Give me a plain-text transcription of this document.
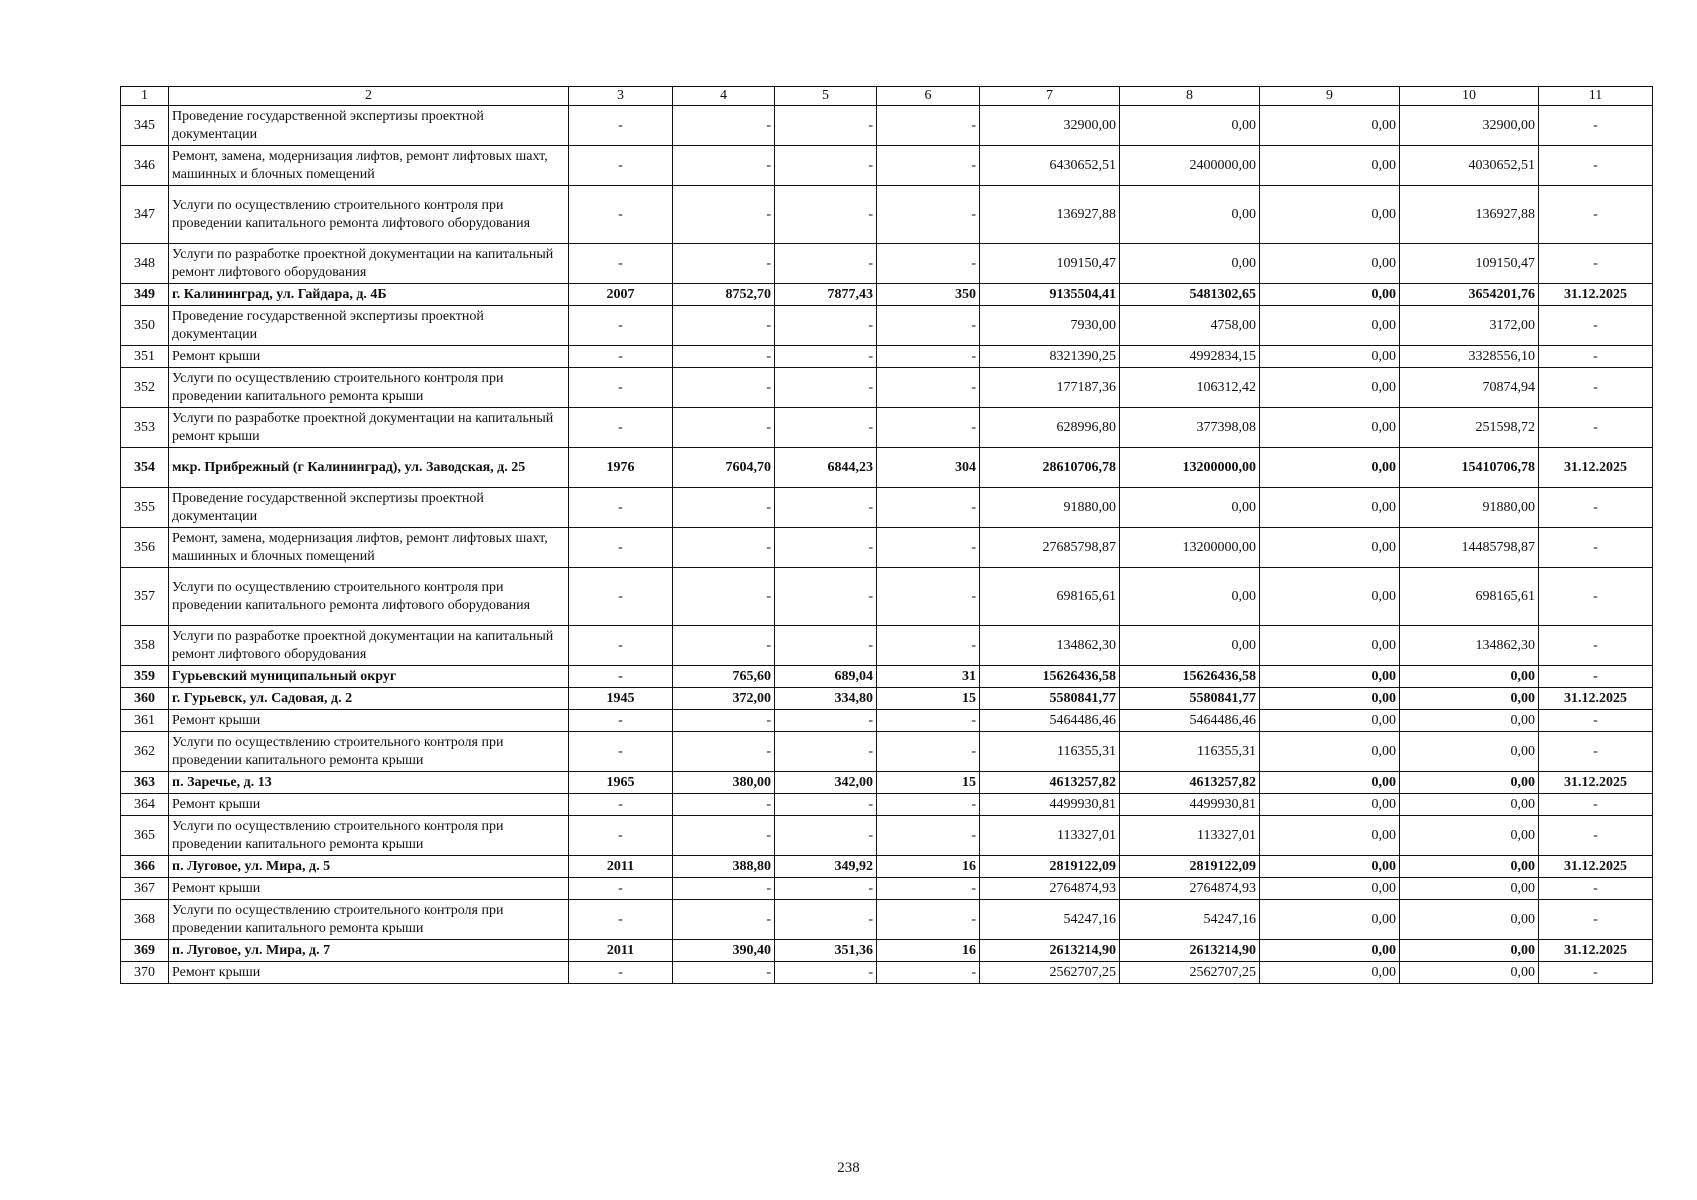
1	2	3	4	5	6	7	8	9	10	11
345	Проведение государственной экспертизы проектной документации	-	-	-	-	32900,00	0,00	0,00	32900,00	-
346	Ремонт, замена, модернизация лифтов, ремонт лифтовых шахт, машинных и блочных помещений	-	-	-	-	6430652,51	2400000,00	0,00	4030652,51	-
347	Услуги по осуществлению строительного контроля при проведении капитального ремонта лифтового оборудования	-	-	-	-	136927,88	0,00	0,00	136927,88	-
348	Услуги по разработке проектной документации на капитальный ремонт лифтового оборудования	-	-	-	-	109150,47	0,00	0,00	109150,47	-
349	г. Калининград, ул. Гайдара, д. 4Б	2007	8752,70	7877,43	350	9135504,41	5481302,65	0,00	3654201,76	31.12.2025
350	Проведение государственной экспертизы проектной документации	-	-	-	-	7930,00	4758,00	0,00	3172,00	-
351	Ремонт крыши	-	-	-	-	8321390,25	4992834,15	0,00	3328556,10	-
352	Услуги по осуществлению строительного контроля при проведении капитального ремонта крыши	-	-	-	-	177187,36	106312,42	0,00	70874,94	-
353	Услуги по разработке проектной документации на капитальный ремонт крыши	-	-	-	-	628996,80	377398,08	0,00	251598,72	-
354	мкр. Прибрежный (г Калининград), ул. Заводская, д. 25	1976	7604,70	6844,23	304	28610706,78	13200000,00	0,00	15410706,78	31.12.2025
355	Проведение государственной экспертизы проектной документации	-	-	-	-	91880,00	0,00	0,00	91880,00	-
356	Ремонт, замена, модернизация лифтов, ремонт лифтовых шахт, машинных и блочных помещений	-	-	-	-	27685798,87	13200000,00	0,00	14485798,87	-
357	Услуги по осуществлению строительного контроля при проведении капитального ремонта лифтового оборудования	-	-	-	-	698165,61	0,00	0,00	698165,61	-
358	Услуги по разработке проектной документации на капитальный ремонт лифтового оборудования	-	-	-	-	134862,30	0,00	0,00	134862,30	-
359	Гурьевский муниципальный округ	-	765,60	689,04	31	15626436,58	15626436,58	0,00	0,00	-
360	г. Гурьевск, ул. Садовая, д. 2	1945	372,00	334,80	15	5580841,77	5580841,77	0,00	0,00	31.12.2025
361	Ремонт крыши	-	-	-	-	5464486,46	5464486,46	0,00	0,00	-
362	Услуги по осуществлению строительного контроля при проведении капитального ремонта крыши	-	-	-	-	116355,31	116355,31	0,00	0,00	-
363	п. Заречье, д. 13	1965	380,00	342,00	15	4613257,82	4613257,82	0,00	0,00	31.12.2025
364	Ремонт крыши	-	-	-	-	4499930,81	4499930,81	0,00	0,00	-
365	Услуги по осуществлению строительного контроля при проведении капитального ремонта крыши	-	-	-	-	113327,01	113327,01	0,00	0,00	-
366	п. Луговое, ул. Мира, д. 5	2011	388,80	349,92	16	2819122,09	2819122,09	0,00	0,00	31.12.2025
367	Ремонт крыши	-	-	-	-	2764874,93	2764874,93	0,00	0,00	-
368	Услуги по осуществлению строительного контроля при проведении капитального ремонта крыши	-	-	-	-	54247,16	54247,16	0,00	0,00	-
369	п. Луговое, ул. Мира, д. 7	2011	390,40	351,36	16	2613214,90	2613214,90	0,00	0,00	31.12.2025
370	Ремонт крыши	-	-	-	-	2562707,25	2562707,25	0,00	0,00	-
238
